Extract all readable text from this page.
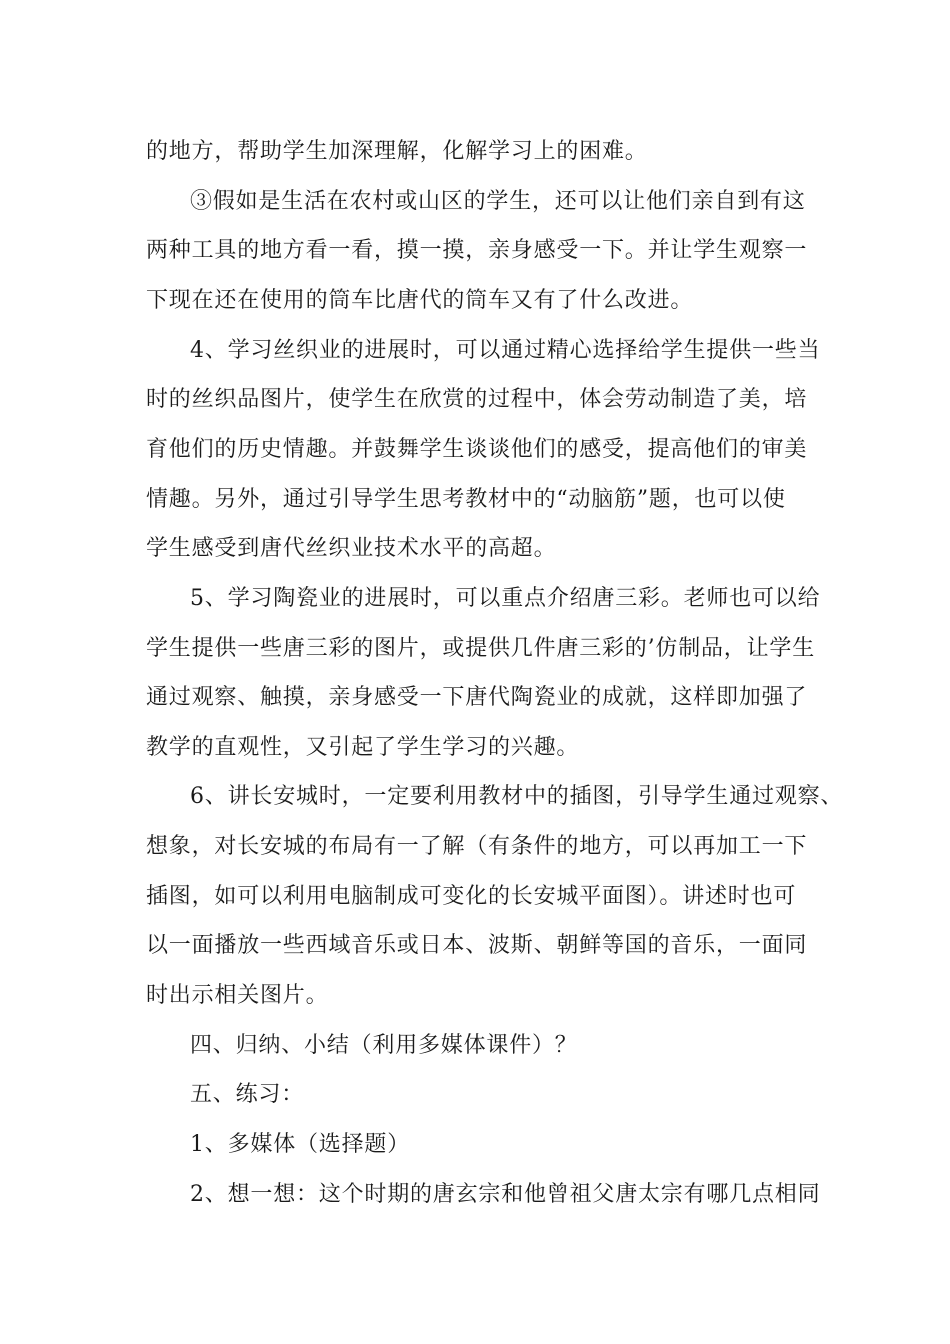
的地方，帮助学生加深理解，化解学习上的困难。
③假如是生活在农村或山区的学生，还可以让他们亲自到有这
两种工具的地方看一看，摸一摸，亲身感受一下。并让学生观察一
下现在还在使用的筒车比唐代的筒车又有了什么改进。
4、学习丝织业的进展时，可以通过精心选择给学生提供一些当
时的丝织品图片，使学生在欣赏的过程中，体会劳动制造了美，培
育他们的历史情趣。并鼓舞学生谈谈他们的感受，提高他们的审美
情趣。另外，通过引导学生思考教材中的“动脑筋”题，也可以使
学生感受到唐代丝织业技术水平的高超。
5、学习陶瓷业的进展时，可以重点介绍唐三彩。老师也可以给
学生提供一些唐三彩的图片，或提供几件唐三彩的’仿制品，让学生
通过观察、触摸，亲身感受一下唐代陶瓷业的成就，这样即加强了
教学的直观性，又引起了学生学习的兴趣。
6、讲长安城时，一定要利用教材中的插图，引导学生通过观察、
想象，对长安城的布局有一了解（有条件的地方，可以再加工一下
插图，如可以利用电脑制成可变化的长安城平面图）。讲述时也可
以一面播放一些西域音乐或日本、波斯、朝鲜等国的音乐，一面同
时出示相关图片。
四、归纳、小结（利用多媒体课件）？
五、练习：
1、多媒体（选择题）
2、想一想：这个时期的唐玄宗和他曾祖父唐太宗有哪几点相同
